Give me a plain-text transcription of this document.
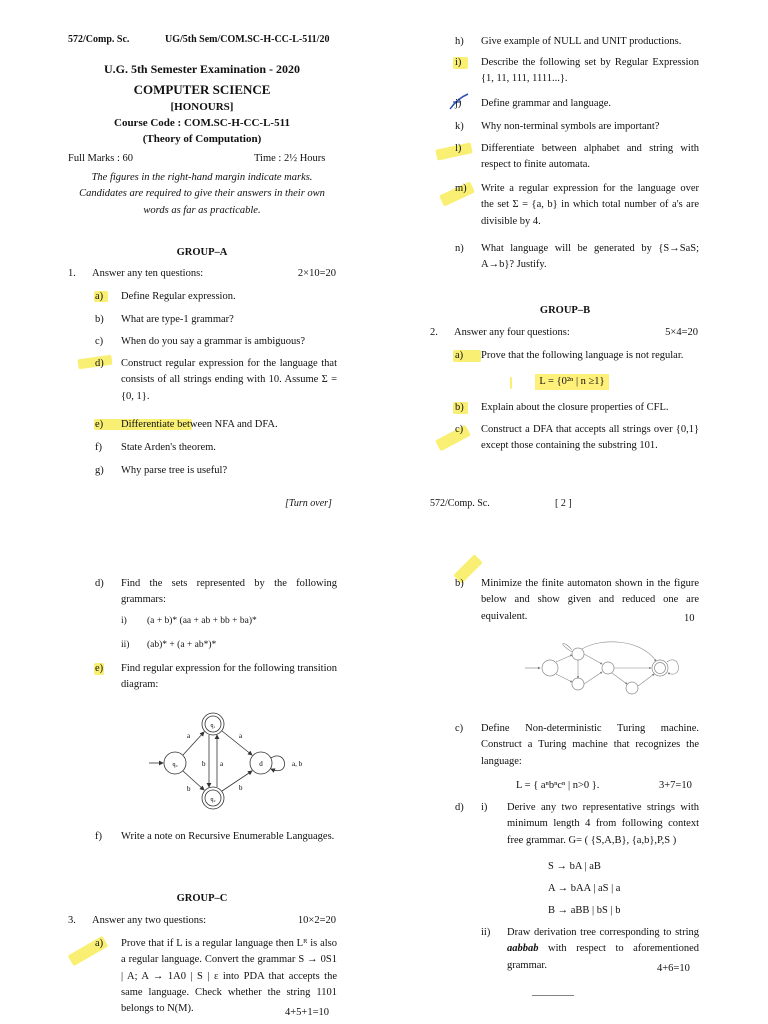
572/Comp. Sc.	UG/5th Sem/COM.SC-H-CC-L-511/20
U.G. 5th Semester Examination - 2020
COMPUTER SCIENCE
[HONOURS]
Course Code : COM.SC-H-CC-L-511
(Theory of Computation)
Full Marks : 60	Time : 2½ Hours
The figures in the right-hand margin indicate marks. Candidates are required to give their answers in their own words as far as practicable.
GROUP–A
1.	Answer any ten questions:	2×10=20
a)	Define Regular expression.
b)	What are type-1 grammar?
c)	When do you say a grammar is ambiguous?
d)	Construct regular expression for the language that consists of all strings ending with 10. Assume Σ = {0, 1}.
e)	Differentiate between NFA and DFA.
f)	State Arden's theorem.
g)	Why parse tree is useful?
[Turn over]
h)	Give example of NULL and UNIT productions.
i)	Describe the following set by Regular Expression {1, 11, 111, 1111...}.
j)	Define grammar and language.
k)	Why non-terminal symbols are important?
l)	Differentiate between alphabet and string with respect to finite automata.
m)	Write a regular expression for the language over the set Σ = {a, b} in which total number of a's are divisible by 4.
n)	What language will be generated by {S→SaS; A→b}? Justify.
GROUP–B
2.	Answer any four questions:	5×4=20
a)	Prove that the following language is not regular.
L = {0²ⁿ | n ≥1}
b)	Explain about the closure properties of CFL.
c)	Construct a DFA that accepts all strings over {0,1} except those containing the substring 101.
572/Comp. Sc.	[ 2 ]
d)	Find the sets represented by the following grammars:
i)	(a + b)* (aa + ab + bb + ba)*
ii)	(ab)* + (a + ab*)*
e)	Find regular expression for the following transition diagram:
q₀
q₁
q₂
d
a
b
b a
a
b
a, b
f)	Write a note on Recursive Enumerable Languages.
GROUP–C
3.	Answer any two questions:	10×2=20
a)	Prove that if L is a regular language then Lᴿ is also a regular language. Convert the grammar S → 0S1 | A; A → 1A0 | S | ε into PDA that accepts the same language. Check whether the string 1101 belongs to N(M).	4+5+1=10
b)	Minimize the finite automaton shown in the figure below and show given and reduced one are equivalent.	10
c)	Define Non-deterministic Turing machine. Construct a Turing machine that recognizes the language:
L = { aⁿbⁿcⁿ | n>0 }.	3+7=10
d)	i)	Derive any two representative strings with minimum length 4 from following context free grammar. G= ( {S,A,B}, {a,b},P,S )
S → bA | aB
A → bAA | aS | a
B → aBB | bS | b
ii)	Draw derivation tree corresponding to string aabbab with respect to aforementioned grammar.	4+6=10
________
